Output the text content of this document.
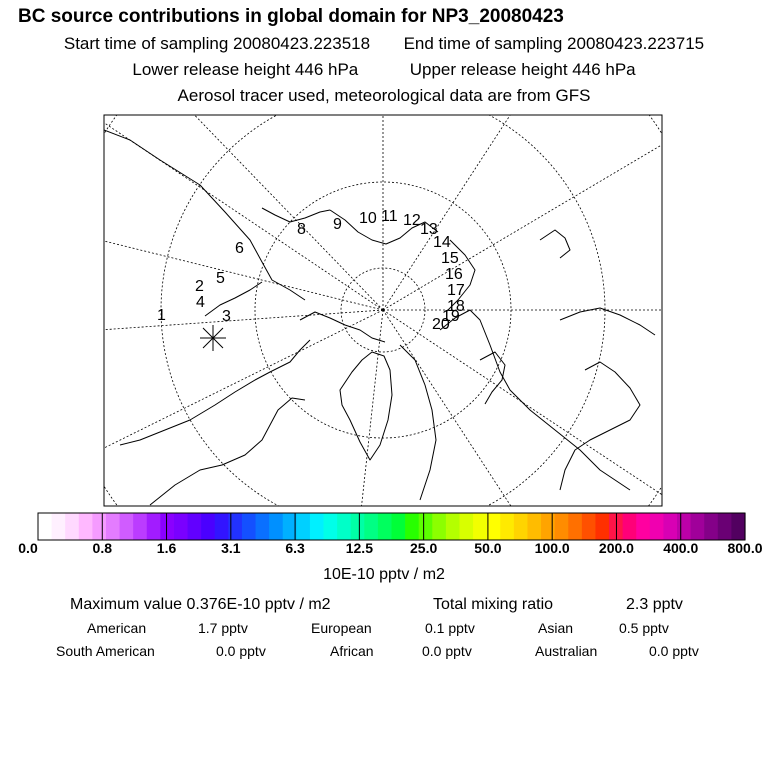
BC source contributions in global domain for NP3_20080423
Start time of sampling 20080423.223518 End time of sampling 20080423.223715
Lower release height 446 hPa	Upper release height 446 hPa
Aerosol tracer used, meteorological data are from GFS
1
2
3
4
5
6
8 9 10 11 12
13
14
15
16
17
18
19
20
0.0	0.8	1.6	3.1	6.3	12.5	25.0	50.0 100.0 200.0 400.0 800.0
10E-10 pptv / m2
Maximum value 0.376E-10 pptv / m2	Total mixing ratio	2.3 pptv
American	1.7 pptv	European	0.1 pptv	Asian	0.5 pptv
South American	0.0 pptv	African	0.0 pptv	Australian	0.0 pptv
